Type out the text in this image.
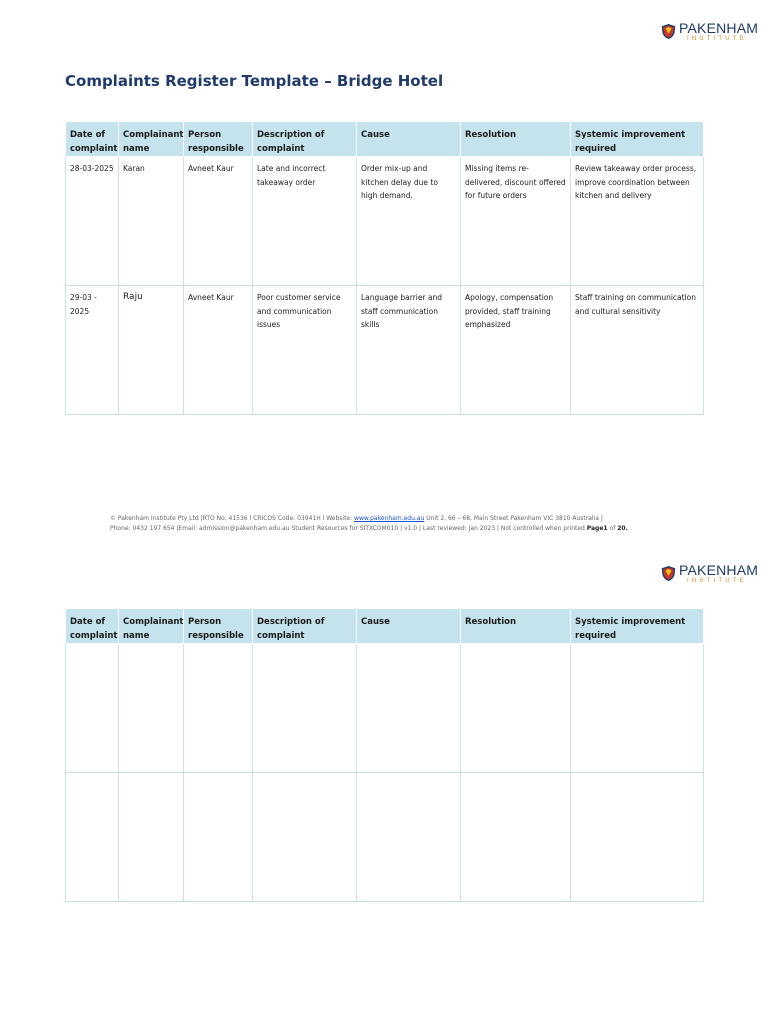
PAKENHAM
INSTITUTE
Complaints Register Template – Bridge Hotel
Date of complaint	Complainant name	Person responsible	Description of complaint	Cause	Resolution	Systemic improvement required
28-03-2025	Karan	Avneet Kaur	Late and incorrect takeaway order	Order mix-up and kitchen delay due to high demand.	Missing items re-delivered, discount offered for future orders	Review takeaway order process, improve coordination between kitchen and delivery
29-03 - 2025	Raju	Avneet Kaur	Poor customer service and communication issues	Language barrier and staff communication skills	Apology, compensation provided, staff training emphasized	Staff training on communication and cultural sensitivity
© Pakenham Institute Pty Ltd |RTO No. 41536 l CRICOS Code: 03941H l Website: www.pakenham.edu.au Unit 2, 66 – 68, Main Street Pakenham VIC 3810 Australia |
Phone: 0432 197 654 |Email: admission@pakenham.edu.au Student Resources for SITXCOM010 | v1.0 | Last reviewed: Jan 2023 | Not controlled when printed Page1 of 20.
PAKENHAM
INSTITUTE
Date of complaint	Complainant name	Person responsible	Description of complaint	Cause	Resolution	Systemic improvement required
